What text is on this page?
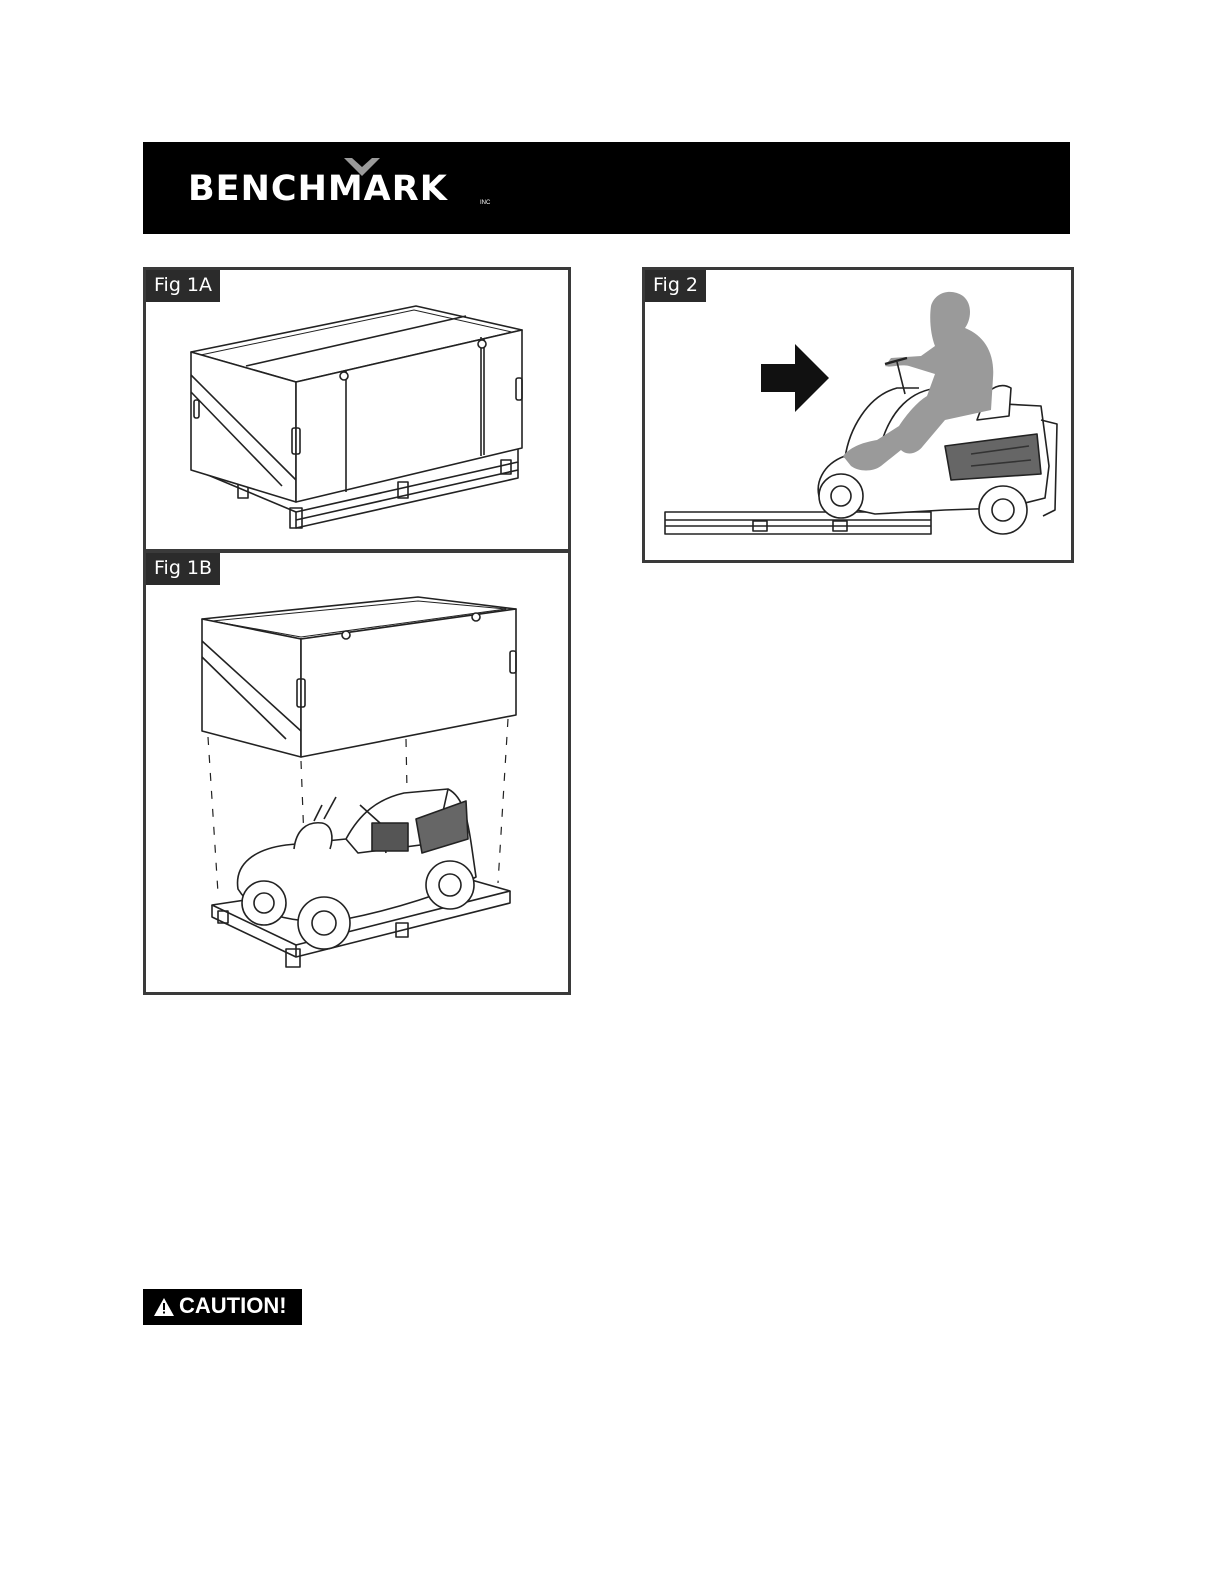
BENCHMARK	INC
Fig 1A
Fig 1B
Fig 2
CAUTION!
